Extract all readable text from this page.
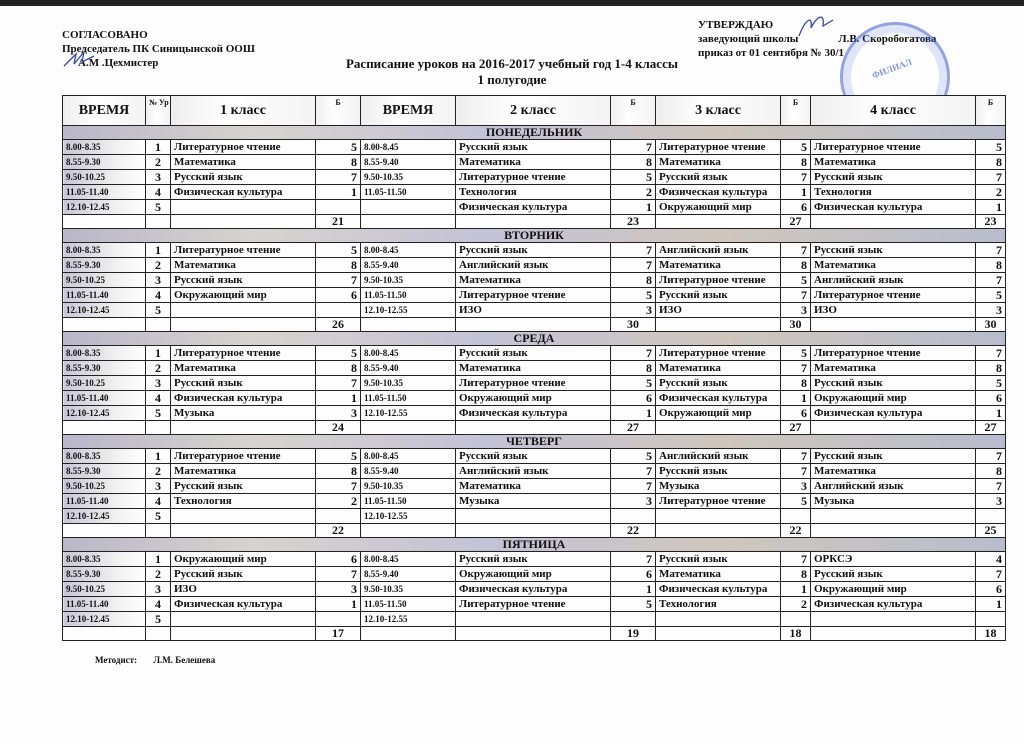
СОГЛАСОВАНО
Председатель ПК Синицынской ООШ
А.М .Цехмистер
УТВЕРЖДАЮ
заведующий школы	Л.В. Скоробогатова
приказ от 01 сентября № 30/1
ФИЛИАЛ
Расписание уроков на 2016-2017 учебный год 1-4 классы
1 полугодие
ВРЕМЯ	№ Ур	1 класс	Б	ВРЕМЯ	2 класс	Б	3 класс	Б	4 класс	Б
ПОНЕДЕЛЬНИК										
8.00-8.35	1	Литературное чтение	5	8.00-8.45	Русский язык	7	Литературное чтение	5	Литературное чтение	5
8.55-9.30	2	Математика	8	8.55-9.40	Математика	8	Математика	8	Математика	8
9.50-10.25	3	Русский язык	7	9.50-10.35	Литературное чтение	5	Русский язык	7	Русский язык	7
11.05-11.40	4	Физическая культура	1	11.05-11.50	Технология	2	Физическая культура	1	Технология	2
12.10-12.45	5				Физическая культура	1	Окружающий мир	6	Физическая культура	1
			21			23		27		23
ВТОРНИК										
8.00-8.35	1	Литературное чтение	5	8.00-8.45	Русский язык	7	Английский язык	7	Русский язык	7
8.55-9.30	2	Математика	8	8.55-9.40	Английский язык	7	Математика	8	Математика	8
9.50-10.25	3	Русский язык	7	9.50-10.35	Математика	8	Литературное чтение	5	Английский язык	7
11.05-11.40	4	Окружающий мир	6	11.05-11.50	Литературное чтение	5	Русский язык	7	Литературное чтение	5
12.10-12.45	5			12.10-12.55	ИЗО	3	ИЗО	3	ИЗО	3
			26			30		30		30
СРЕДА										
8.00-8.35	1	Литературное чтение	5	8.00-8.45	Русский язык	7	Литературное чтение	5	Литературное чтение	7
8.55-9.30	2	Математика	8	8.55-9.40	Математика	8	Математика	7	Математика	8
9.50-10.25	3	Русский язык	7	9.50-10.35	Литературное чтение	5	Русский язык	8	Русский язык	5
11.05-11.40	4	Физическая культура	1	11.05-11.50	Окружающий мир	6	Физическая культура	1	Окружающий мир	6
12.10-12.45	5	Музыка	3	12.10-12.55	Физическая культура	1	Окружающий мир	6	Физическая культура	1
			24			27		27		27
ЧЕТВЕРГ										
8.00-8.35	1	Литературное чтение	5	8.00-8.45	Русский язык	5	Английский язык	7	Русский язык	7
8.55-9.30	2	Математика	8	8.55-9.40	Английский язык	7	Русский язык	7	Математика	8
9.50-10.25	3	Русский язык	7	9.50-10.35	Математика	7	Музыка	3	Английский язык	7
11.05-11.40	4	Технология	2	11.05-11.50	Музыка	3	Литературное чтение	5	Музыка	3
12.10-12.45	5			12.10-12.55						
			22			22		22		25
ПЯТНИЦА										
8.00-8.35	1	Окружающий мир	6	8.00-8.45	Русский язык	7	Русский язык	7	ОРКСЭ	4
8.55-9.30	2	Русский язык	7	8.55-9.40	Окружающий мир	6	Математика	8	Русский язык	7
9.50-10.25	3	ИЗО	3	9.50-10.35	Физическая культура	1	Физическая культура	1	Окружающий мир	6
11.05-11.40	4	Физическая культура	1	11.05-11.50	Литературное чтение	5	Технология	2	Физическая культура	1
12.10-12.45	5			12.10-12.55						
			17			19		18		18
Методист: Л.М. Белешева
